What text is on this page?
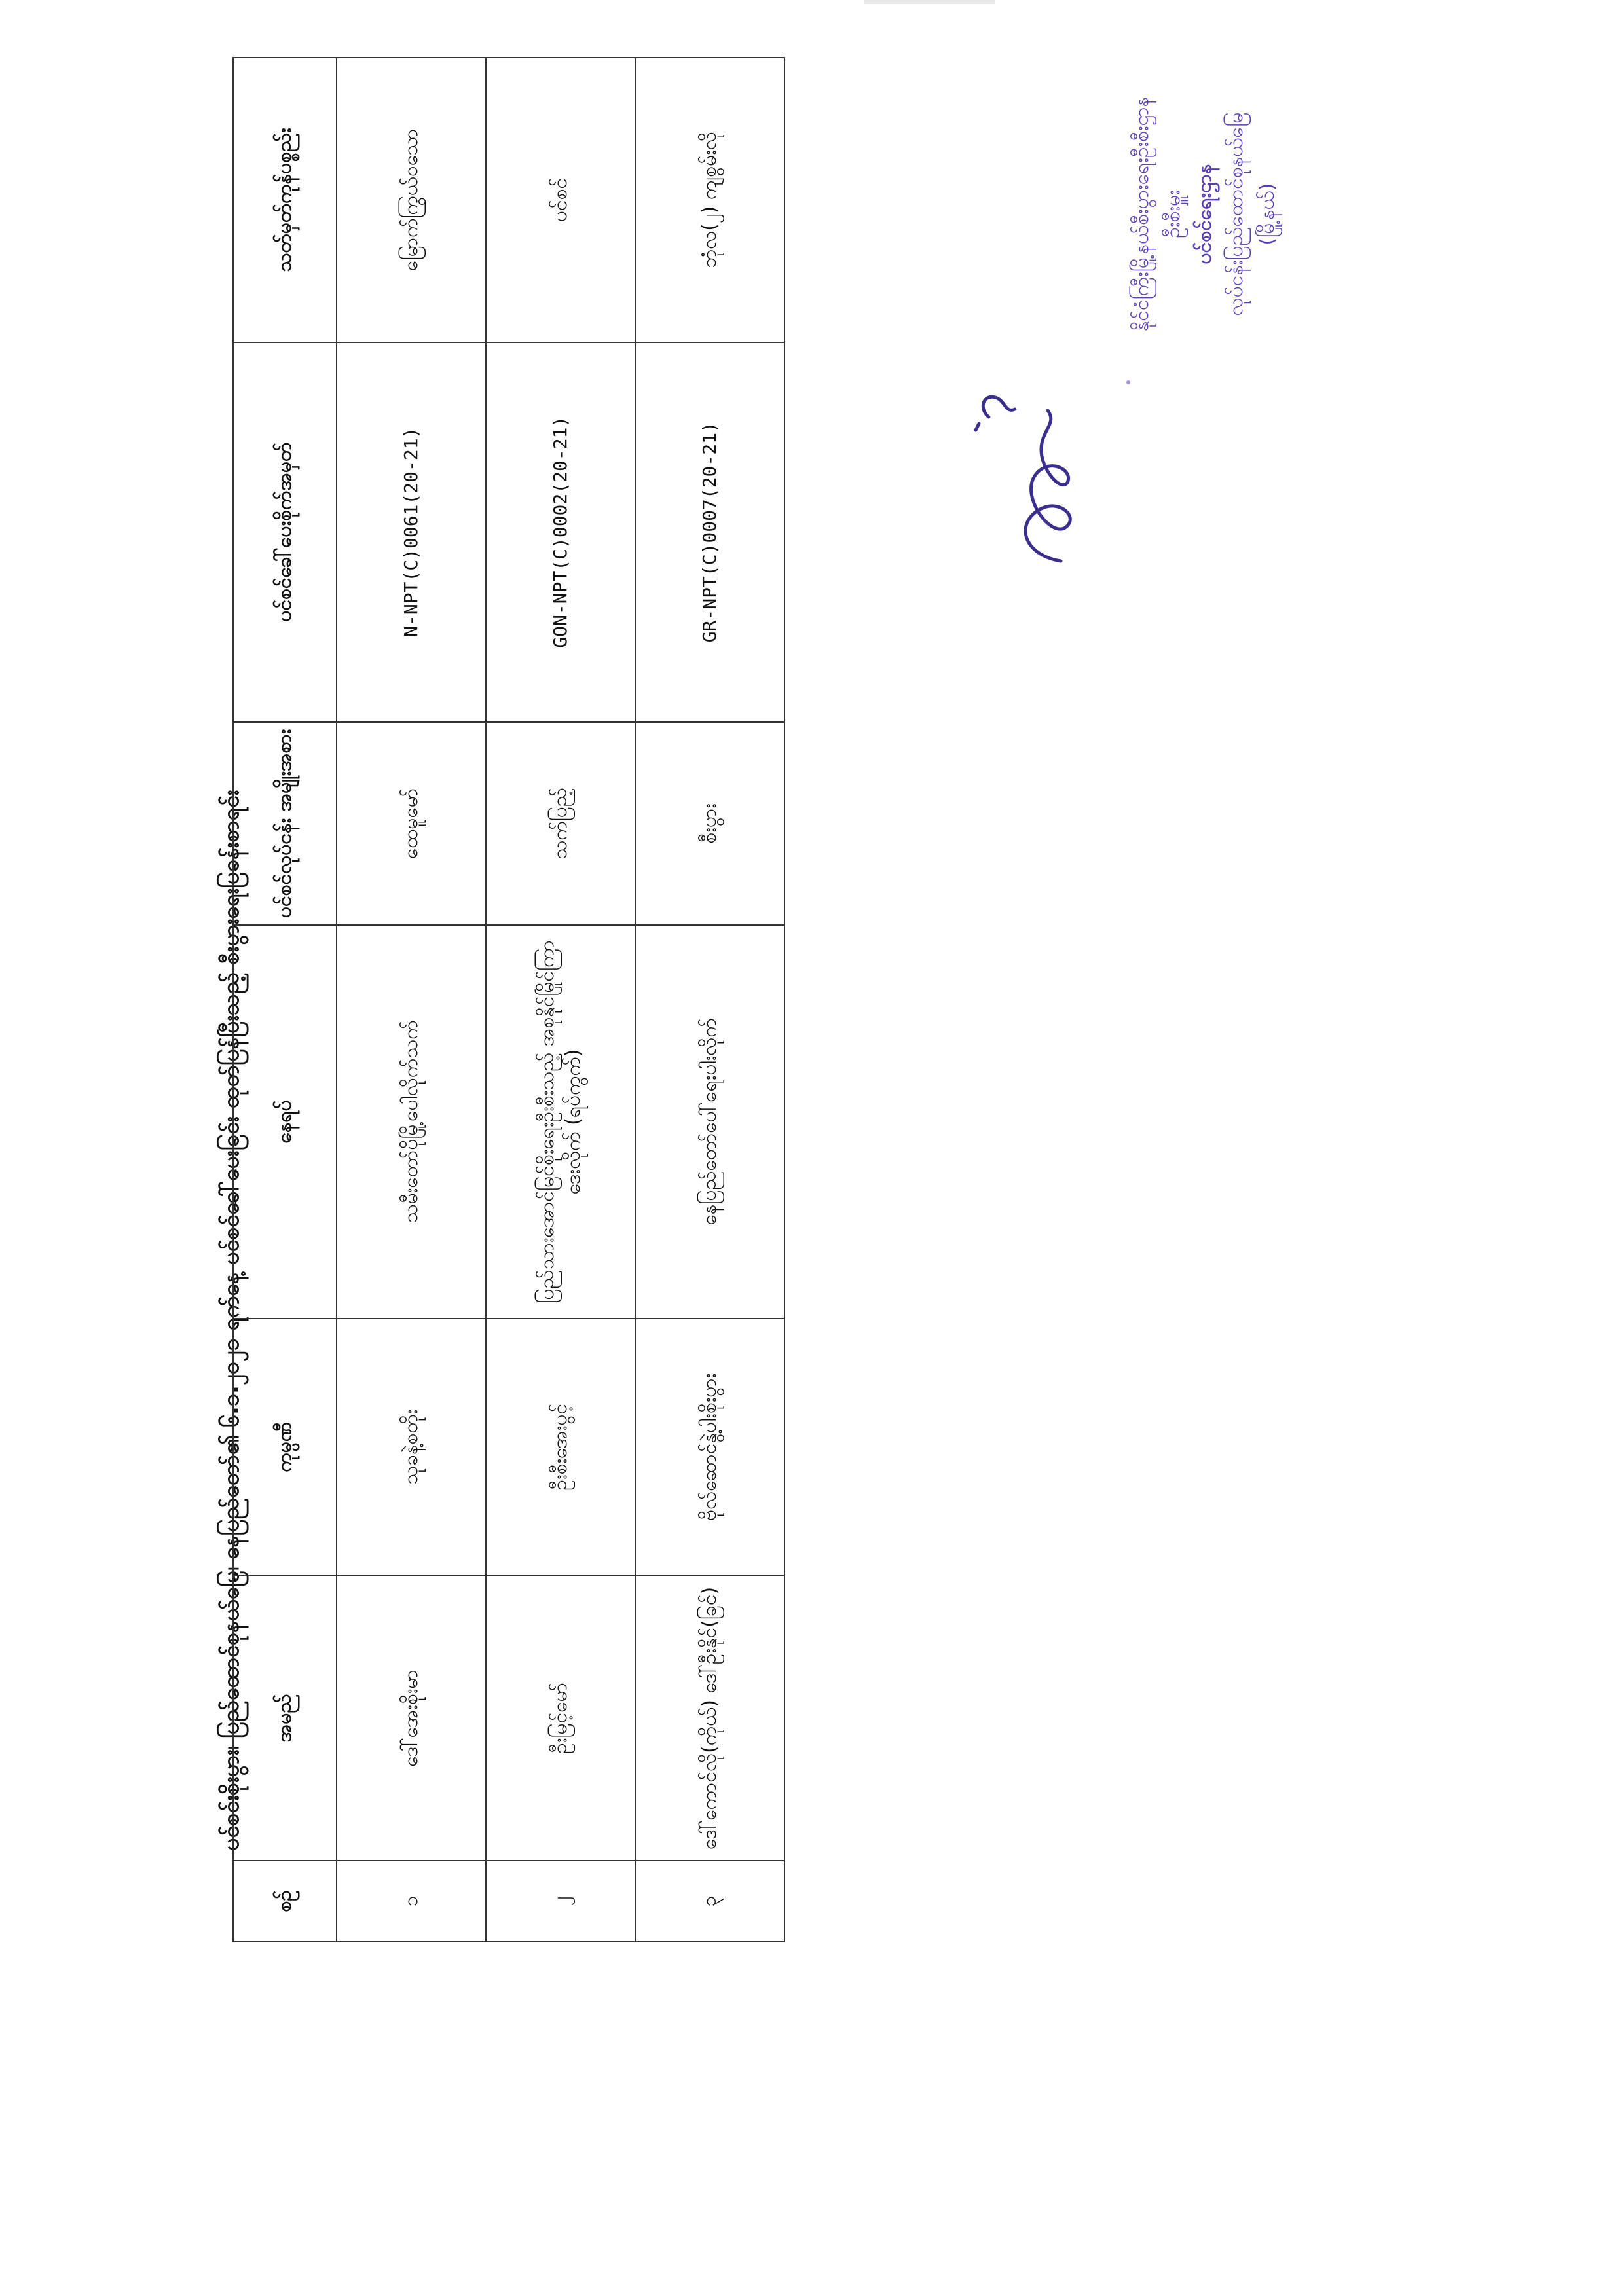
ပင်စင်းစိုးပွား၊ ပြည်ထောင်စုနယ်မြေ၊ နေပြည်တော်၏ ၆.၁.၂၀၂၁ ရက်နေ့ ပင်စင်ခေါ်ပေးခြင်း ထုတ်ပြန်ပြီးသည့် စီးပွားရေးပြခန်းစာရင်း
စဉ်	အမည်	ကုမ္ပဏီ	နေရပ်	ပင်စင်လုပ်ငန်း အမျိုးအစား	ပင်စင်ခေါ်ပေးစိုက်အမှတ်	သတ်မှတ်ကုန်ပစ္စည်း
၁	ဒေါ်အေးစိုးမာ	သုခနဲ့စတိုး	သမီးတော်ပိုမြို့ပေါလိုက်သက်	ထေမူမော်	N-NPT(C)0061(20-21)	မြောက်ကြွယ်ဝသော
၂	ဦးမြင့်မော်	ဦးစီးအေးပွင့်	ပြည်သားအောင်မြင်စိုးရေးဦးစီးသည့် အစုနိုင်မြိုင်ကြာဒေးလိုက် (ရပ်ကွက်)	သက်ပြည့်	GON-NPT(C)0002(20-21)	ပင်စင်
၃	ဒေါ်ကောင်လို(ကိုယ်) ဒေါ်ဦးနိုင်(ခြင်)	ဗိုလ်ဆောင်နွဲ့ပါးစိုးပွား	နေပြည်တော်ပေါ်ရေးပါးလိုက်	စီးပွား	GR-NPT(C)0007(20-21)	ဘုံလ(၂) ကျစွမ်းလို	နိုင်ငံကြီးမြို့နယ်စီးပွားရေးဦးစီးဌာန ဦးစီးမှူး ပင်စင်ရေးဌာန လုပ်ငန်းပြည်ထောင်စုနယ်မြေ (မြို့နယ်)
